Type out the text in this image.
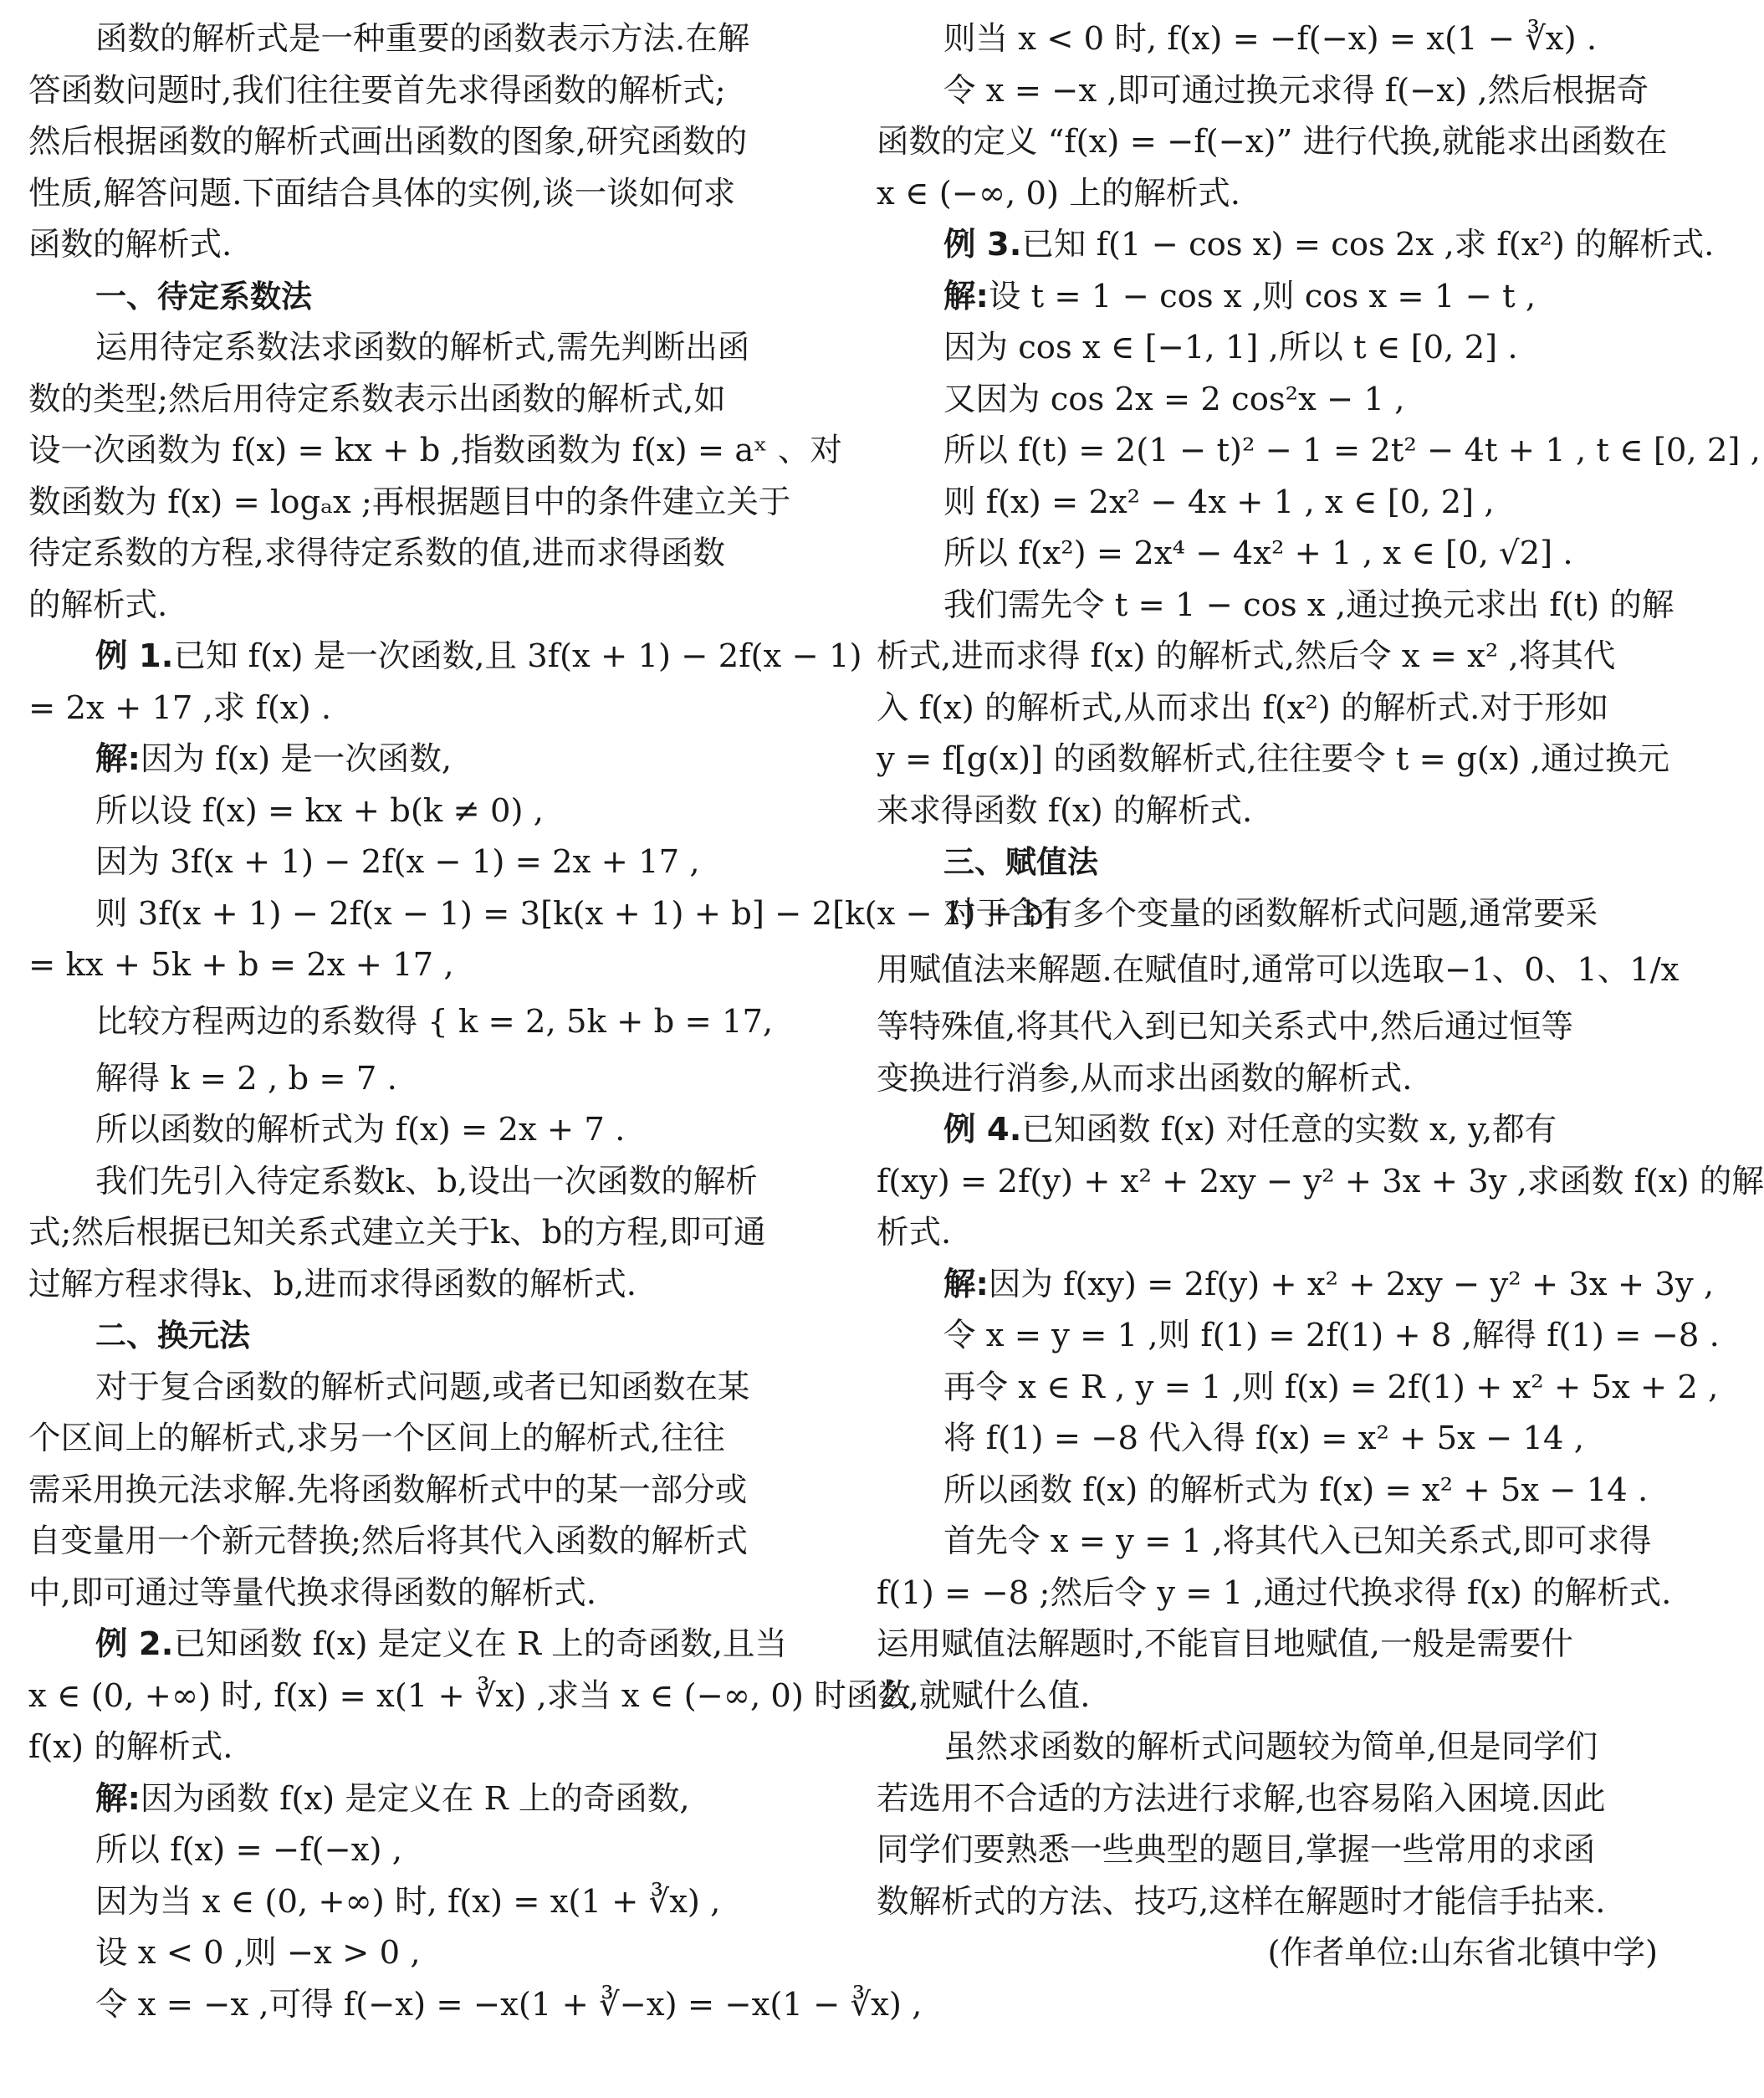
函数的解析式是一种重要的函数表示方法.在解
答函数问题时,我们往往要首先求得函数的解析式;
然后根据函数的解析式画出函数的图象,研究函数的
性质,解答问题.下面结合具体的实例,谈一谈如何求
函数的解析式.
一、待定系数法
运用待定系数法求函数的解析式,需先判断出函
数的类型;然后用待定系数表示出函数的解析式,如
设一次函数为 f(x) = kx + b ,指数函数为 f(x) = aˣ 、对
数函数为 f(x) = logₐx ;再根据题目中的条件建立关于
待定系数的方程,求得待定系数的值,进而求得函数
的解析式.
例 1.已知 f(x) 是一次函数,且 3f(x + 1) − 2f(x − 1)
= 2x + 17 ,求 f(x) .
解:因为 f(x) 是一次函数,
所以设 f(x) = kx + b(k ≠ 0) ,
因为 3f(x + 1) − 2f(x − 1) = 2x + 17 ,
则 3f(x + 1) − 2f(x − 1) = 3[k(x + 1) + b] − 2[k(x − 1) + b]
= kx + 5k + b = 2x + 17 ,
比较方程两边的系数得 { k = 2, 5k + b = 17,
解得 k = 2 , b = 7 .
所以函数的解析式为 f(x) = 2x + 7 .
我们先引入待定系数k、b,设出一次函数的解析
式;然后根据已知关系式建立关于k、b的方程,即可通
过解方程求得k、b,进而求得函数的解析式.
二、换元法
对于复合函数的解析式问题,或者已知函数在某
个区间上的解析式,求另一个区间上的解析式,往往
需采用换元法求解.先将函数解析式中的某一部分或
自变量用一个新元替换;然后将其代入函数的解析式
中,即可通过等量代换求得函数的解析式.
例 2.已知函数 f(x) 是定义在 R 上的奇函数,且当
x ∈ (0, +∞) 时, f(x) = x(1 + ∛x) ,求当 x ∈ (−∞, 0) 时函数
f(x) 的解析式.
解:因为函数 f(x) 是定义在 R 上的奇函数,
所以 f(x) = −f(−x) ,
因为当 x ∈ (0, +∞) 时, f(x) = x(1 + ∛x) ,
设 x < 0 ,则 −x > 0 ,
令 x = −x ,可得 f(−x) = −x(1 + ∛−x) = −x(1 − ∛x) ,
则当 x < 0 时, f(x) = −f(−x) = x(1 − ∛x) .
令 x = −x ,即可通过换元求得 f(−x) ,然后根据奇
函数的定义 “f(x) = −f(−x)” 进行代换,就能求出函数在
x ∈ (−∞, 0) 上的解析式.
例 3.已知 f(1 − cos x) = cos 2x ,求 f(x²) 的解析式.
解:设 t = 1 − cos x ,则 cos x = 1 − t ,
因为 cos x ∈ [−1, 1] ,所以 t ∈ [0, 2] .
又因为 cos 2x = 2 cos²x − 1 ,
所以 f(t) = 2(1 − t)² − 1 = 2t² − 4t + 1 , t ∈ [0, 2] ,
则 f(x) = 2x² − 4x + 1 , x ∈ [0, 2] ,
所以 f(x²) = 2x⁴ − 4x² + 1 , x ∈ [0, √2] .
我们需先令 t = 1 − cos x ,通过换元求出 f(t) 的解
析式,进而求得 f(x) 的解析式,然后令 x = x² ,将其代
入 f(x) 的解析式,从而求出 f(x²) 的解析式.对于形如
y = f[g(x)] 的函数解析式,往往要令 t = g(x) ,通过换元
来求得函数 f(x) 的解析式.
三、赋值法
对于含有多个变量的函数解析式问题,通常要采
用赋值法来解题.在赋值时,通常可以选取−1、0、1、1/x
等特殊值,将其代入到已知关系式中,然后通过恒等
变换进行消参,从而求出函数的解析式.
例 4.已知函数 f(x) 对任意的实数 x, y,都有
f(xy) = 2f(y) + x² + 2xy − y² + 3x + 3y ,求函数 f(x) 的解
析式.
解:因为 f(xy) = 2f(y) + x² + 2xy − y² + 3x + 3y ,
令 x = y = 1 ,则 f(1) = 2f(1) + 8 ,解得 f(1) = −8 .
再令 x ∈ R , y = 1 ,则 f(x) = 2f(1) + x² + 5x + 2 ,
将 f(1) = −8 代入得 f(x) = x² + 5x − 14 ,
所以函数 f(x) 的解析式为 f(x) = x² + 5x − 14 .
首先令 x = y = 1 ,将其代入已知关系式,即可求得
f(1) = −8 ;然后令 y = 1 ,通过代换求得 f(x) 的解析式.
运用赋值法解题时,不能盲目地赋值,一般是需要什
么,就赋什么值.
虽然求函数的解析式问题较为简单,但是同学们
若选用不合适的方法进行求解,也容易陷入困境.因此
同学们要熟悉一些典型的题目,掌握一些常用的求函
数解析式的方法、技巧,这样在解题时才能信手拈来.
(作者单位:山东省北镇中学)
